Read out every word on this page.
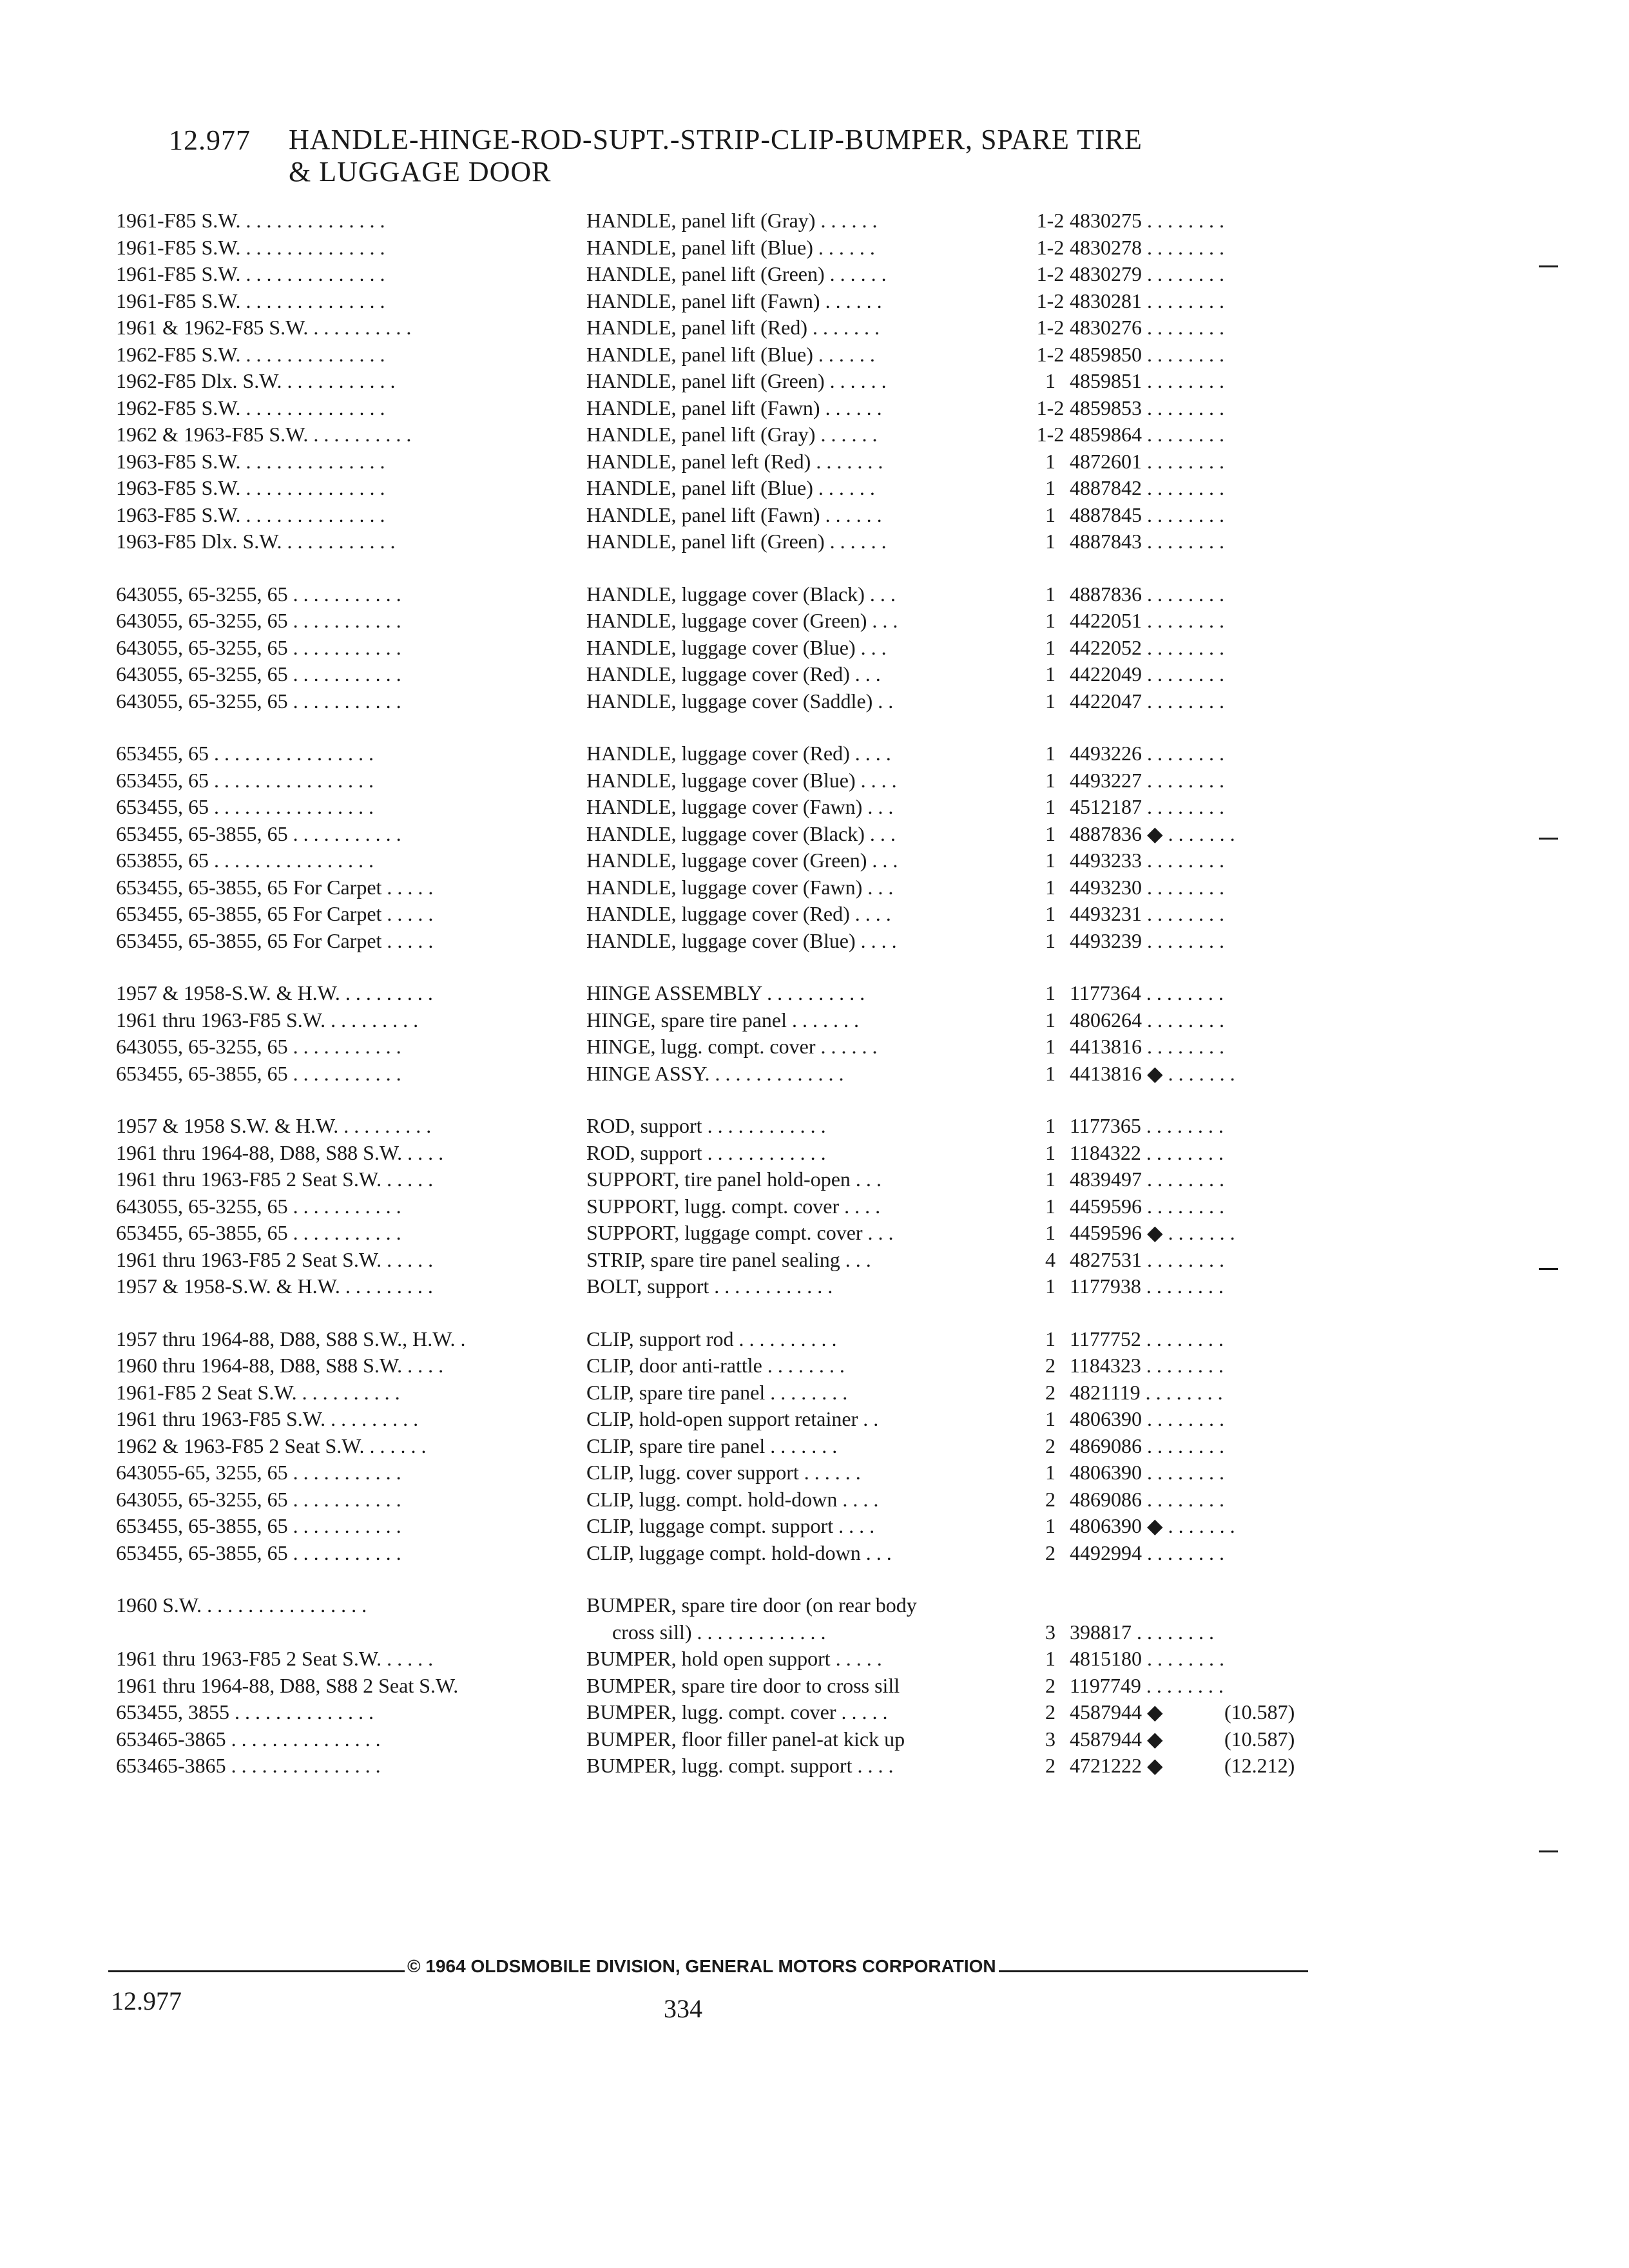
12.977 HANDLE-HINGE-ROD-SUPT.-STRIP-CLIP-BUMPER, SPARE TIRE
& LUGGAGE DOOR
1961-F85 S.W. . . . . . . . . . . . . . .	HANDLE, panel lift (Gray) . . . . . .	1-2 4830275 . . . . . . . .
1961-F85 S.W. . . . . . . . . . . . . . .	HANDLE, panel lift (Blue) . . . . . .	1-2 4830278 . . . . . . . .
1961-F85 S.W. . . . . . . . . . . . . . .	HANDLE, panel lift (Green) . . . . . .	1-2 4830279 . . . . . . . .
1961-F85 S.W. . . . . . . . . . . . . . .	HANDLE, panel lift (Fawn) . . . . . .	1-2 4830281 . . . . . . . .
1961 & 1962-F85 S.W. . . . . . . . . . .	HANDLE, panel lift (Red) . . . . . . .	1-2 4830276 . . . . . . . .
1962-F85 S.W. . . . . . . . . . . . . . .	HANDLE, panel lift (Blue) . . . . . .	1-2 4859850 . . . . . . . .
1962-F85 Dlx. S.W. . . . . . . . . . . .	HANDLE, panel lift (Green) . . . . . .	1 4859851 . . . . . . . .
1962-F85 S.W. . . . . . . . . . . . . . .	HANDLE, panel lift (Fawn) . . . . . .	1-2 4859853 . . . . . . . .
1962 & 1963-F85 S.W. . . . . . . . . . .	HANDLE, panel lift (Gray) . . . . . .	1-2 4859864 . . . . . . . .
1963-F85 S.W. . . . . . . . . . . . . . .	HANDLE, panel left (Red) . . . . . . .	1 4872601 . . . . . . . .
1963-F85 S.W. . . . . . . . . . . . . . .	HANDLE, panel lift (Blue) . . . . . .	1 4887842 . . . . . . . .
1963-F85 S.W. . . . . . . . . . . . . . .	HANDLE, panel lift (Fawn) . . . . . .	1 4887845 . . . . . . . .
1963-F85 Dlx. S.W. . . . . . . . . . . .	HANDLE, panel lift (Green) . . . . . .	1 4887843 . . . . . . . .
643055, 65-3255, 65 . . . . . . . . . . .	HANDLE, luggage cover (Black) . . .	1 4887836 . . . . . . . .
643055, 65-3255, 65 . . . . . . . . . . .	HANDLE, luggage cover (Green) . . .	1 4422051 . . . . . . . .
643055, 65-3255, 65 . . . . . . . . . . .	HANDLE, luggage cover (Blue) . . .	1 4422052 . . . . . . . .
643055, 65-3255, 65 . . . . . . . . . . .	HANDLE, luggage cover (Red) . . .	1 4422049 . . . . . . . .
643055, 65-3255, 65 . . . . . . . . . . .	HANDLE, luggage cover (Saddle) . .	1 4422047 . . . . . . . .
653455, 65 . . . . . . . . . . . . . . . .	HANDLE, luggage cover (Red) . . . .	1 4493226 . . . . . . . .
653455, 65 . . . . . . . . . . . . . . . .	HANDLE, luggage cover (Blue) . . . .	1 4493227 . . . . . . . .
653455, 65 . . . . . . . . . . . . . . . .	HANDLE, luggage cover (Fawn) . . .	1 4512187 . . . . . . . .
653455, 65-3855, 65 . . . . . . . . . . .	HANDLE, luggage cover (Black) . . .	1 4887836 ◆ . . . . . . .
653855, 65 . . . . . . . . . . . . . . . .	HANDLE, luggage cover (Green) . . .	1 4493233 . . . . . . . .
653455, 65-3855, 65 For Carpet . . . . .	HANDLE, luggage cover (Fawn) . . .	1 4493230 . . . . . . . .
653455, 65-3855, 65 For Carpet . . . . .	HANDLE, luggage cover (Red) . . . .	1 4493231 . . . . . . . .
653455, 65-3855, 65 For Carpet . . . . .	HANDLE, luggage cover (Blue) . . . .	1 4493239 . . . . . . . .
1957 & 1958-S.W. & H.W. . . . . . . . . .	HINGE ASSEMBLY . . . . . . . . . .	1 1177364 . . . . . . . .
1961 thru 1963-F85 S.W. . . . . . . . . .	HINGE, spare tire panel . . . . . . .	1 4806264 . . . . . . . .
643055, 65-3255, 65 . . . . . . . . . . .	HINGE, lugg. compt. cover . . . . . .	1 4413816 . . . . . . . .
653455, 65-3855, 65 . . . . . . . . . . .	HINGE ASSY. . . . . . . . . . . . . .	1 4413816 ◆ . . . . . . .
1957 & 1958 S.W. & H.W. . . . . . . . . .	ROD, support . . . . . . . . . . . .	1 1177365 . . . . . . . .
1961 thru 1964-88, D88, S88 S.W. . . . .	ROD, support . . . . . . . . . . . .	1 1184322 . . . . . . . .
1961 thru 1963-F85 2 Seat S.W. . . . . .	SUPPORT, tire panel hold-open . . .	1 4839497 . . . . . . . .
643055, 65-3255, 65 . . . . . . . . . . .	SUPPORT, lugg. compt. cover . . . .	1 4459596 . . . . . . . .
653455, 65-3855, 65 . . . . . . . . . . .	SUPPORT, luggage compt. cover . . .	1 4459596 ◆ . . . . . . .
1961 thru 1963-F85 2 Seat S.W. . . . . .	STRIP, spare tire panel sealing . . .	4 4827531 . . . . . . . .
1957 & 1958-S.W. & H.W. . . . . . . . . .	BOLT, support . . . . . . . . . . . .	1 1177938 . . . . . . . .
1957 thru 1964-88, D88, S88 S.W., H.W. .	CLIP, support rod . . . . . . . . . .	1 1177752 . . . . . . . .
1960 thru 1964-88, D88, S88 S.W. . . . .	CLIP, door anti-rattle . . . . . . . .	2 1184323 . . . . . . . .
1961-F85 2 Seat S.W. . . . . . . . . . .	CLIP, spare tire panel . . . . . . . .	2 4821119 . . . . . . . .
1961 thru 1963-F85 S.W. . . . . . . . . .	CLIP, hold-open support retainer . .	1 4806390 . . . . . . . .
1962 & 1963-F85 2 Seat S.W. . . . . . .	CLIP, spare tire panel . . . . . . .	2 4869086 . . . . . . . .
643055-65, 3255, 65 . . . . . . . . . . .	CLIP, lugg. cover support . . . . . .	1 4806390 . . . . . . . .
643055, 65-3255, 65 . . . . . . . . . . .	CLIP, lugg. compt. hold-down . . . .	2 4869086 . . . . . . . .
653455, 65-3855, 65 . . . . . . . . . . .	CLIP, luggage compt. support . . . .	1 4806390 ◆ . . . . . . .
653455, 65-3855, 65 . . . . . . . . . . .	CLIP, luggage compt. hold-down . . .	2 4492994 . . . . . . . .
1960 S.W. . . . . . . . . . . . . . . . .	BUMPER, spare tire door (on rear body
cross sill) . . . . . . . . . . . . .	3 398817 . . . . . . . .
1961 thru 1963-F85 2 Seat S.W. . . . . .	BUMPER, hold open support . . . . .	1 4815180 . . . . . . . .
1961 thru 1964-88, D88, S88 2 Seat S.W.	BUMPER, spare tire door to cross sill	2 1197749 . . . . . . . .
653455, 3855 . . . . . . . . . . . . . .	BUMPER, lugg. compt. cover . . . . .	2 4587944 ◆	(10.587)
653465-3865 . . . . . . . . . . . . . . .	BUMPER, floor filler panel-at kick up	3 4587944 ◆	(10.587)
653465-3865 . . . . . . . . . . . . . . .	BUMPER, lugg. compt. support . . . .	2 4721222 ◆	(12.212)
© 1964 OLDSMOBILE DIVISION, GENERAL MOTORS CORPORATION
12.977	334
